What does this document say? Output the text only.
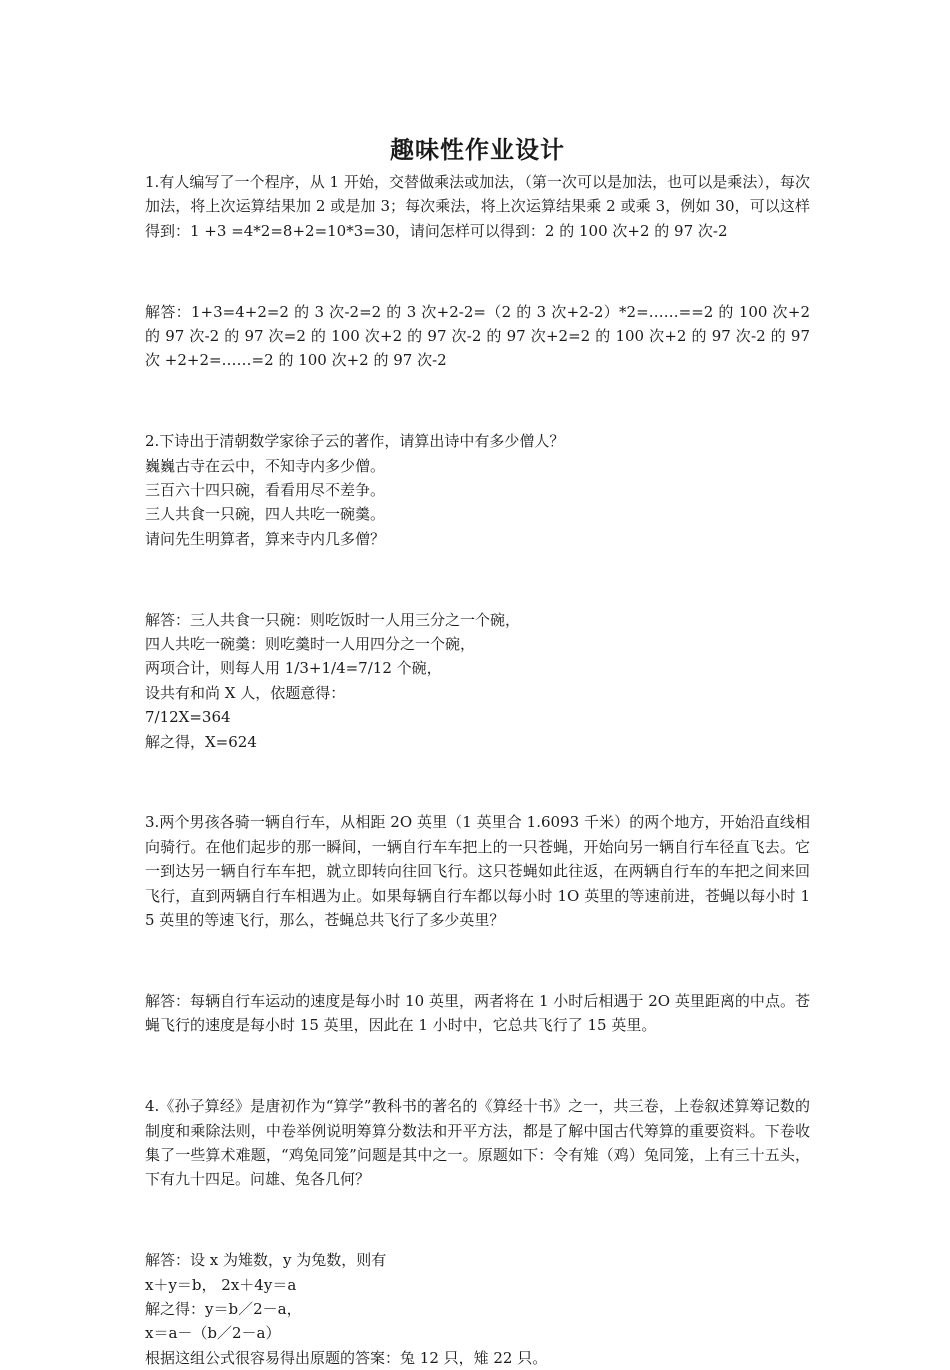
趣味性作业设计

1.有人编写了一个程序，从 1 开始，交替做乘法或加法，（第一次可以是加法，也可以是乘法），每次加法，将上次运算结果加 2 或是加 3；每次乘法，将上次运算结果乘 2 或乘 3，例如 30，可以这样得到：1 +3 =4*2=8+2=10*3=30，请问怎样可以得到：2 的 100 次+2 的 97 次-2

解答：1+3=4+2=2 的 3 次-2=2 的 3 次+2-2=（2 的 3 次+2-2）*2=……==2 的 100 次+2 的 97 次-2 的 97 次=2 的 100 次+2 的 97 次-2 的 97 次+2=2 的 100 次+2 的 97 次-2 的 97 次 +2+2=……=2 的 100 次+2 的 97 次-2

2.下诗出于清朝数学家徐子云的著作，请算出诗中有多少僧人？

巍巍古寺在云中，不知寺内多少僧。

三百六十四只碗，看看用尽不差争。

三人共食一只碗，四人共吃一碗羹。

请问先生明算者，算来寺内几多僧？

解答：三人共食一只碗：则吃饭时一人用三分之一个碗，

四人共吃一碗羹：则吃羹时一人用四分之一个碗，

两项合计，则每人用 1/3+1/4=7/12 个碗，

设共有和尚 X 人，依题意得：

7/12X=364

解之得，X=624

3.两个男孩各骑一辆自行车，从相距 2O 英里（1 英里合 1.6093 千米）的两个地方，开始沿直线相向骑行。在他们起步的那一瞬间，一辆自行车车把上的一只苍蝇，开始向另一辆自行车径直飞去。它一到达另一辆自行车车把，就立即转向往回飞行。这只苍蝇如此往返，在两辆自行车的车把之间来回飞行，直到两辆自行车相遇为止。如果每辆自行车都以每小时 1O 英里的等速前进，苍蝇以每小时 15 英里的等速飞行，那么，苍蝇总共飞行了多少英里？

解答：每辆自行车运动的速度是每小时 10 英里，两者将在 1 小时后相遇于 2O 英里距离的中点。苍蝇飞行的速度是每小时 15 英里，因此在 1 小时中，它总共飞行了 15 英里。

4.《孙子算经》是唐初作为“算学”教科书的著名的《算经十书》之一，共三卷，上卷叙述算筹记数的制度和乘除法则，中卷举例说明筹算分数法和开平方法，都是了解中国古代筹算的重要资料。下卷收集了一些算术难题，“鸡兔同笼”问题是其中之一。原题如下：令有雉（鸡）兔同笼，上有三十五头，下有九十四足。问雄、兔各几何？

解答：设 x 为雉数，y 为兔数，则有

x＋y＝b， 2x＋4y＝a

解之得：y＝b／2－a，

x＝a－（b／2－a）

根据这组公式很容易得出原题的答案：兔 12 只，雉 22 只。
